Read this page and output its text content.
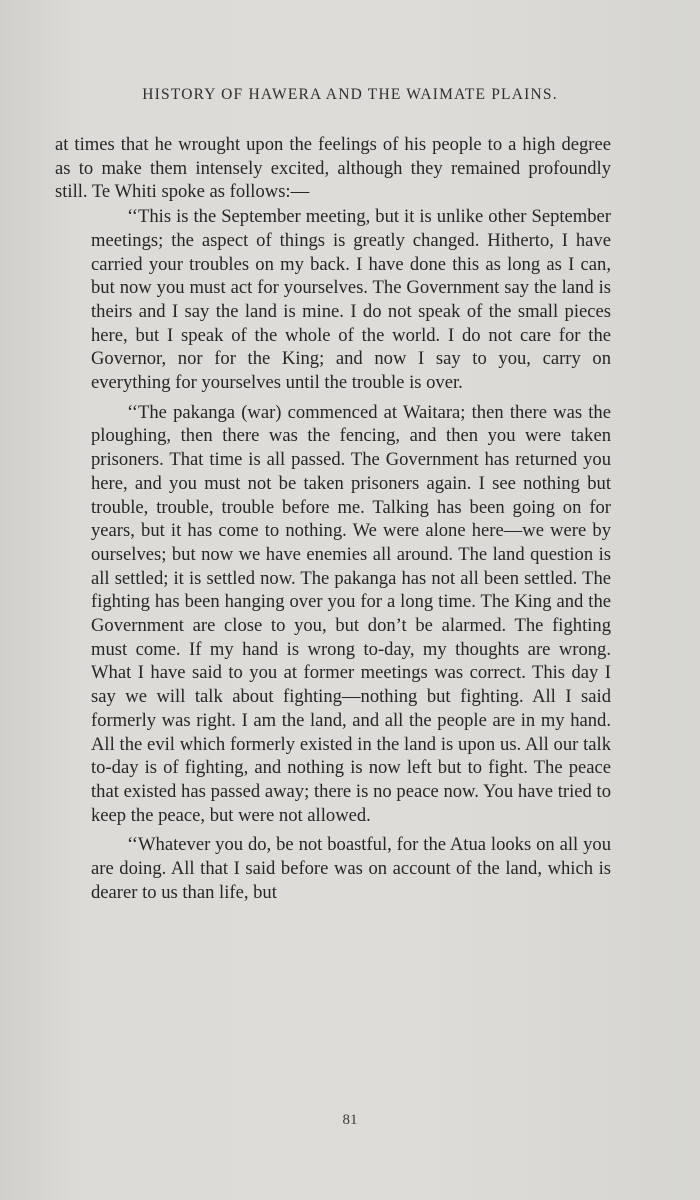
HISTORY OF HAWERA AND THE WAIMATE PLAINS.

at times that he wrought upon the feelings of his people to a high degree as to make them intensely excited, although they remained profoundly still. Te Whiti spoke as follows:—

‘‘This is the September meeting, but it is unlike other September meetings; the aspect of things is greatly changed. Hitherto, I have carried your troubles on my back. I have done this as long as I can, but now you must act for yourselves. The Government say the land is theirs and I say the land is mine. I do not speak of the small pieces here, but I speak of the whole of the world. I do not care for the Governor, nor for the King; and now I say to you, carry on everything for yourselves until the trouble is over.

‘‘The pakanga (war) commenced at Waitara; then there was the ploughing, then there was the fencing, and then you were taken prisoners. That time is all passed. The Government has returned you here, and you must not be taken prisoners again. I see nothing but trouble, trouble, trouble before me. Talking has been going on for years, but it has come to nothing. We were alone here—we were by ourselves; but now we have enemies all around. The land question is all settled; it is settled now. The pakanga has not all been settled. The fighting has been hanging over you for a long time. The King and the Government are close to you, but don’t be alarmed. The fighting must come. If my hand is wrong to-day, my thoughts are wrong. What I have said to you at former meetings was correct. This day I say we will talk about fighting—nothing but fighting. All I said formerly was right. I am the land, and all the people are in my hand. All the evil which formerly existed in the land is upon us. All our talk to-day is of fighting, and nothing is now left but to fight. The peace that existed has passed away; there is no peace now. You have tried to keep the peace, but were not allowed.

‘‘Whatever you do, be not boastful, for the Atua looks on all you are doing. All that I said before was on account of the land, which is dearer to us than life, but

81
